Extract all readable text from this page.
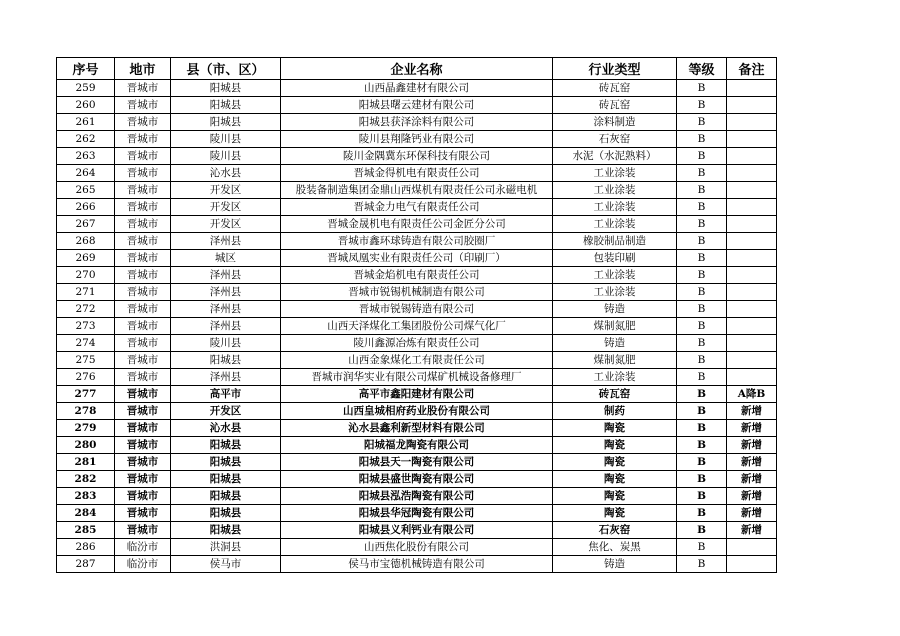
序号	地市	县（市、区）	企业名称	行业类型	等级	备注
259	晋城市	阳城县	山西晶鑫建材有限公司	砖瓦窑	B	
260	晋城市	阳城县	阳城县曙云建材有限公司	砖瓦窑	B	
261	晋城市	阳城县	阳城县获泽涂料有限公司	涂料制造	B	
262	晋城市	陵川县	陵川县翔隆钙业有限公司	石灰窑	B	
263	晋城市	陵川县	陵川金隅冀东环保科技有限公司	水泥（水泥熟料）	B	
264	晋城市	沁水县	晋城金得机电有限责任公司	工业涂装	B	
265	晋城市	开发区	股装备制造集团金鼎山西煤机有限责任公司永磁电机	工业涂装	B	
266	晋城市	开发区	晋城金力电气有限责任公司	工业涂装	B	
267	晋城市	开发区	晋城金晟机电有限责任公司金匠分公司	工业涂装	B	
268	晋城市	泽州县	晋城市鑫环球铸造有限公司胶圈厂	橡胶制品制造	B	
269	晋城市	城区	晋城凤凰实业有限责任公司（印刷厂）	包装印刷	B	
270	晋城市	泽州县	晋城金焰机电有限责任公司	工业涂装	B	
271	晋城市	泽州县	晋城市锐锡机械制造有限公司	工业涂装	B	
272	晋城市	泽州县	晋城市锐锡铸造有限公司	铸造	B	
273	晋城市	泽州县	山西天泽煤化工集团股份公司煤气化厂	煤制氮肥	B	
274	晋城市	陵川县	陵川鑫源冶炼有限责任公司	铸造	B	
275	晋城市	阳城县	山西金象煤化工有限责任公司	煤制氮肥	B	
276	晋城市	泽州县	晋城市润华实业有限公司煤矿机械设备修理厂	工业涂装	B	
277	晋城市	高平市	高平市鑫阳建材有限公司	砖瓦窑	B	A降B
278	晋城市	开发区	山西皇城相府药业股份有限公司	制药	B	新增
279	晋城市	沁水县	沁水县鑫利新型材料有限公司	陶瓷	B	新增
280	晋城市	阳城县	阳城福龙陶瓷有限公司	陶瓷	B	新增
281	晋城市	阳城县	阳城县天一陶瓷有限公司	陶瓷	B	新增
282	晋城市	阳城县	阳城县盛世陶瓷有限公司	陶瓷	B	新增
283	晋城市	阳城县	阳城县泓浩陶瓷有限公司	陶瓷	B	新增
284	晋城市	阳城县	阳城县华冠陶瓷有限公司	陶瓷	B	新增
285	晋城市	阳城县	阳城县义利钙业有限公司	石灰窑	B	新增
286	临汾市	洪洞县	山西焦化股份有限公司	焦化、炭黑	B	
287	临汾市	侯马市	侯马市宝德机械铸造有限公司	铸造	B	
